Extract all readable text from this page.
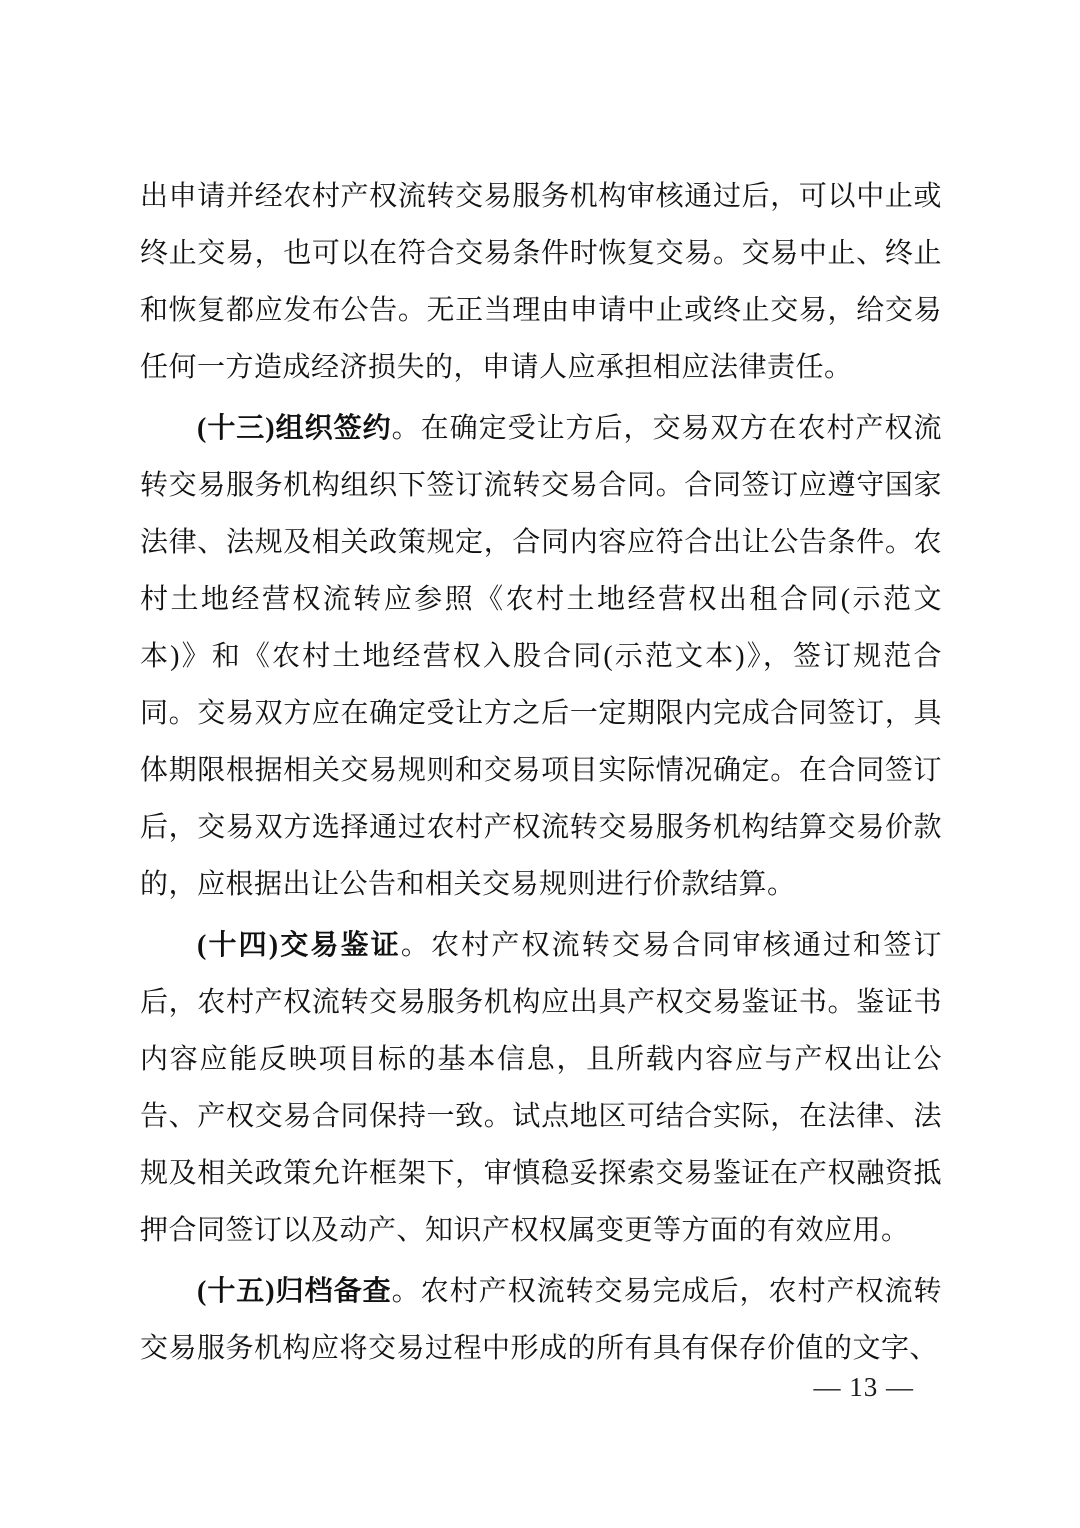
出申请并经农村产权流转交易服务机构审核通过后，可以中止或终止交易，也可以在符合交易条件时恢复交易。交易中止、终止和恢复都应发布公告。无正当理由申请中止或终止交易，给交易任何一方造成经济损失的，申请人应承担相应法律责任。

(十三)组织签约。在确定受让方后，交易双方在农村产权流转交易服务机构组织下签订流转交易合同。合同签订应遵守国家法律、法规及相关政策规定，合同内容应符合出让公告条件。农村土地经营权流转应参照《农村土地经营权出租合同(示范文本)》和《农村土地经营权入股合同(示范文本)》，签订规范合同。交易双方应在确定受让方之后一定期限内完成合同签订，具体期限根据相关交易规则和交易项目实际情况确定。在合同签订后，交易双方选择通过农村产权流转交易服务机构结算交易价款的，应根据出让公告和相关交易规则进行价款结算。

(十四)交易鉴证。农村产权流转交易合同审核通过和签订后，农村产权流转交易服务机构应出具产权交易鉴证书。鉴证书内容应能反映项目标的基本信息，且所载内容应与产权出让公告、产权交易合同保持一致。试点地区可结合实际，在法律、法规及相关政策允许框架下，审慎稳妥探索交易鉴证在产权融资抵押合同签订以及动产、知识产权权属变更等方面的有效应用。

(十五)归档备查。农村产权流转交易完成后，农村产权流转交易服务机构应将交易过程中形成的所有具有保存价值的文字、

— 13 —
